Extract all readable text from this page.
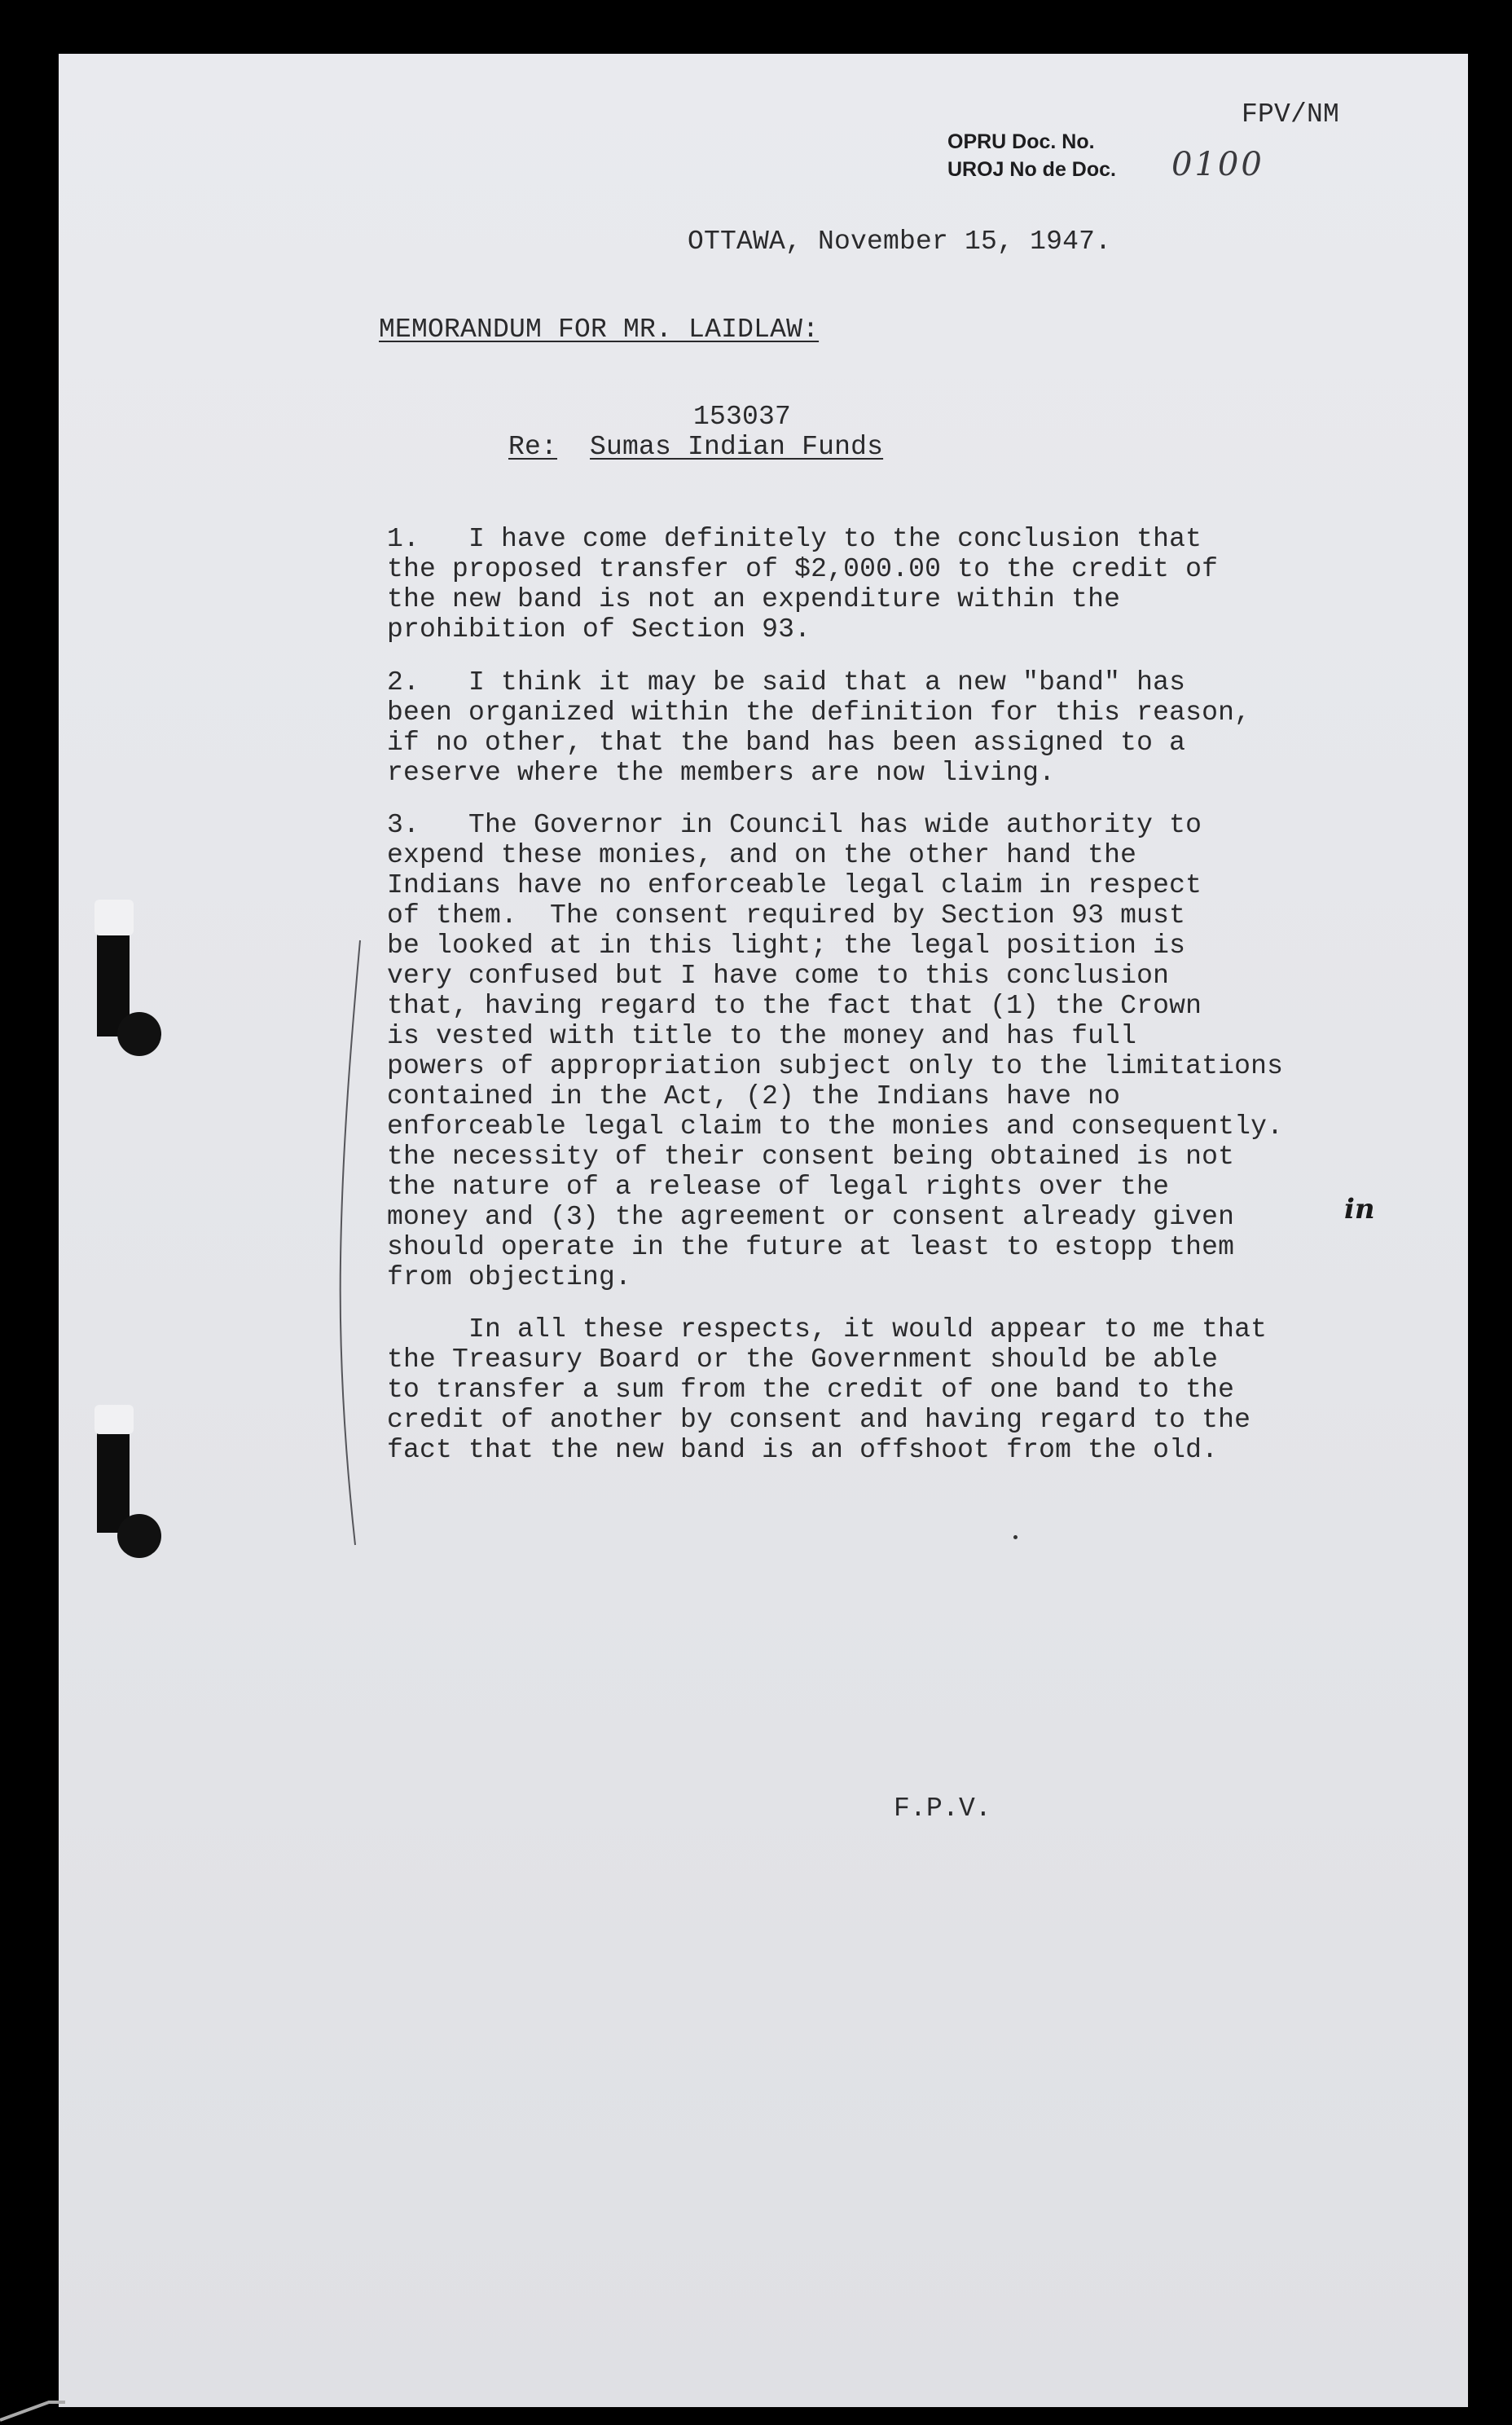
OPRU Doc. No.
UROJ No de Doc. 0100
FPV/NM
OTTAWA, November 15, 1947.
MEMORANDUM FOR MR. LAIDLAW:
153037
Re: Sumas Indian Funds
1.   I have come definitely to the conclusion that
the proposed transfer of $2,000.00 to the credit of
the new band is not an expenditure within the
prohibition of Section 93.
2.   I think it may be said that a new "band" has
been organized within the definition for this reason,
if no other, that the band has been assigned to a
reserve where the members are now living.
3.   The Governor in Council has wide authority to
expend these monies, and on the other hand the
Indians have no enforceable legal claim in respect
of them.  The consent required by Section 93 must
be looked at in this light; the legal position is
very confused but I have come to this conclusion
that, having regard to the fact that (1) the Crown
is vested with title to the money and has full
powers of appropriation subject only to the limitations
contained in the Act, (2) the Indians have no
enforceable legal claim to the monies and consequently.
the necessity of their consent being obtained is not
the nature of a release of legal rights over the
money and (3) the agreement or consent already given
should operate in the future at least to estopp them
from objecting.
in
In all these respects, it would appear to me that
the Treasury Board or the Government should be able
to transfer a sum from the credit of one band to the
credit of another by consent and having regard to the
fact that the new band is an offshoot from the old.
F.P.V.
